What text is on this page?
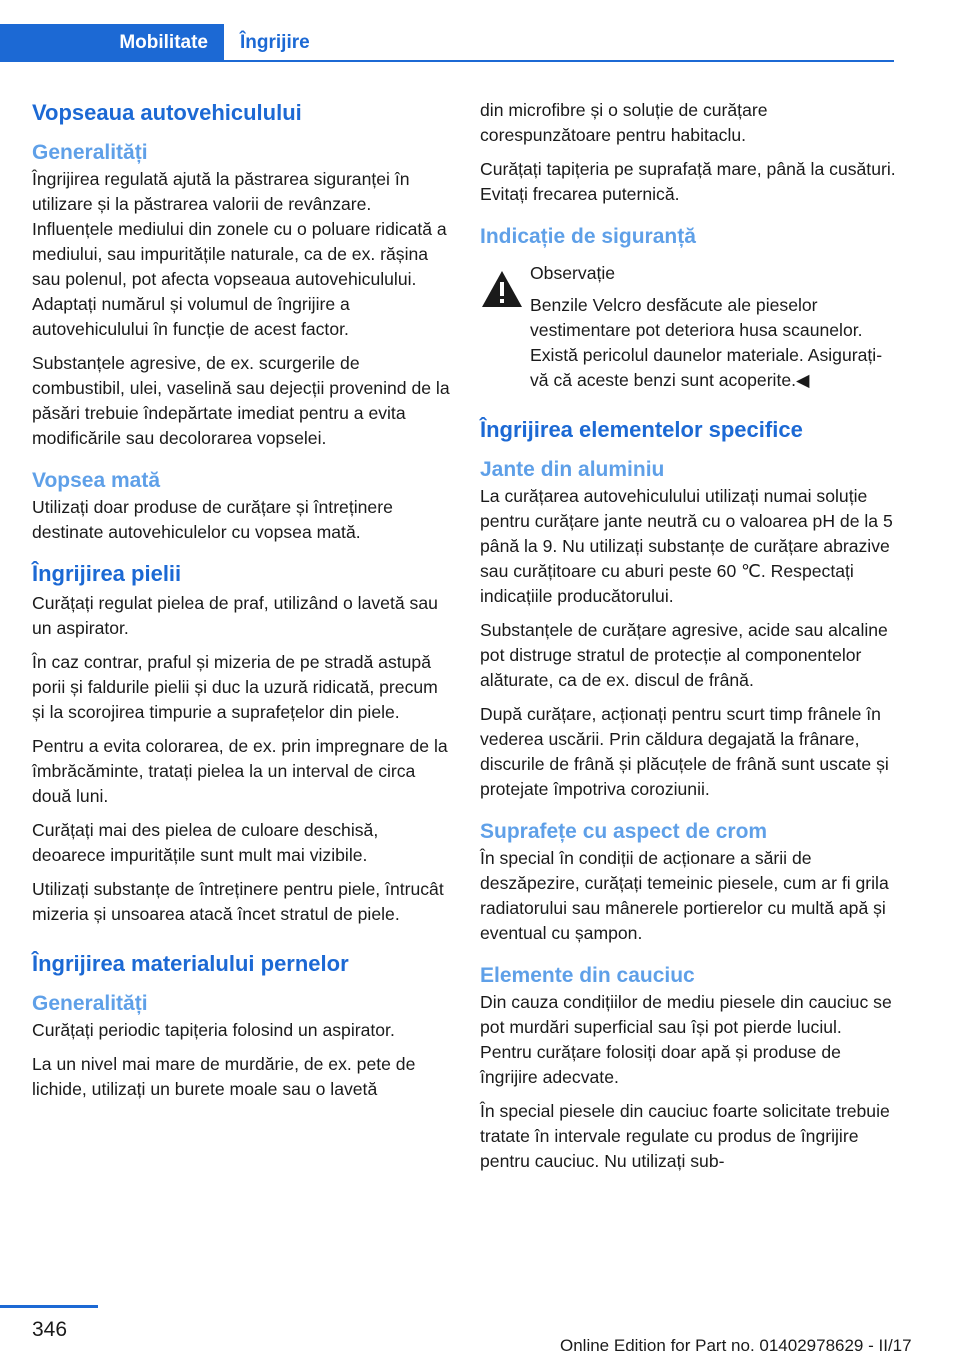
Mobilitate	Îngrijire
Vopseaua autovehiculului
Generalități

Îngrijirea regulată ajută la păstrarea siguranței în utilizare și la păstrarea valorii de revânzare. Influențele mediului din zonele cu o poluare ridicată a mediului, sau impuritățile naturale, ca de ex. rășina sau polenul, pot afecta vopseaua autovehiculului. Adaptați numărul și volumul de îngrijire a autovehiculului în funcție de acest factor.

Substanțele agresive, de ex. scurgerile de combustibil, ulei, vaselină sau dejecții provenind de la păsări trebuie îndepărtate imediat pentru a evita modificările sau decolorarea vopselei.

Vopsea mată

Utilizați doar produse de curățare și întreținere destinate autovehiculelor cu vopsea mată.

Îngrijirea pielii

Curățați regulat pielea de praf, utilizând o lavetă sau un aspirator.

În caz contrar, praful și mizeria de pe stradă astupă porii și faldurile pielii și duc la uzură ridicată, precum și la scorojirea timpurie a suprafețelor din piele.

Pentru a evita colorarea, de ex. prin impregnare de la îmbrăcăminte, tratați pielea la un interval de circa două luni.

Curățați mai des pielea de culoare deschisă, deoarece impuritățile sunt mult mai vizibile.

Utilizați substanțe de întreținere pentru piele, întrucât mizeria și unsoarea atacă încet stratul de piele.

Îngrijirea materialului pernelor
Generalități

Curățați periodic tapițeria folosind un aspirator.

La un nivel mai mare de murdărie, de ex. pete de lichide, utilizați un burete moale sau o lavetă

din microfibre și o soluție de curățare corespunzătoare pentru habitaclu.

Curățați tapițeria pe suprafață mare, până la cusături. Evitați frecarea puternică.

Indicație de siguranță
Observație

Benzile Velcro desfăcute ale pieselor vestimentare pot deteriora husa scaunelor. Există pericolul daunelor materiale. Asigurați-vă că aceste benzi sunt acoperite.◀

Îngrijirea elementelor specifice
Jante din aluminiu

La curățarea autovehiculului utilizați numai soluție pentru curățare jante neutră cu o valoarea pH de la 5 până la 9. Nu utilizați substanțe de curățare abrazive sau curățitoare cu aburi peste 60 ℃. Respectați indicațiile producătorului.

Substanțele de curățare agresive, acide sau alcaline pot distruge stratul de protecție al componentelor alăturate, ca de ex. discul de frână.

După curățare, acționați pentru scurt timp frânele în vederea uscării. Prin căldura degajată la frânare, discurile de frână și plăcuțele de frână sunt uscate și protejate împotriva coroziunii.

Suprafețe cu aspect de crom

În special în condiții de acționare a sării de deszăpezire, curățați temeinic piesele, cum ar fi grila radiatorului sau mânerele portierelor cu multă apă și eventual cu șampon.

Elemente din cauciuc

Din cauza condițiilor de mediu piesele din cauciuc se pot murdări superficial sau își pot pierde luciul. Pentru curățare folosiți doar apă și produse de îngrijire adecvate.

În special piesele din cauciuc foarte solicitate trebuie tratate în intervale regulate cu produs de îngrijire pentru cauciuc. Nu utilizați sub-

346
Online Edition for Part no. 01402978629 - II/17
